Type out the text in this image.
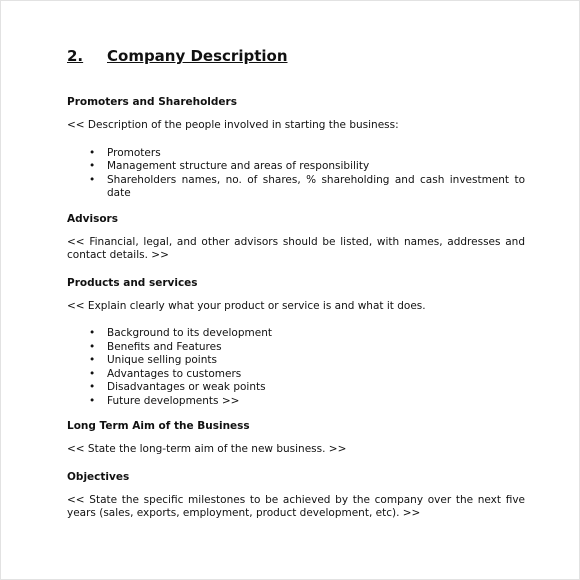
2.	Company Description
Promoters and Shareholders
<< Description of the people involved in starting the business:
• Promoters
• Management structure and areas of responsibility
• Shareholders names, no. of shares, % shareholding and cash investment to date
Advisors
<< Financial, legal, and other advisors should be listed, with names, addresses and contact details. >>
Products and services
<< Explain clearly what your product or service is and what it does.
• Background to its development
• Benefits and Features
• Unique selling points
• Advantages to customers
• Disadvantages or weak points
• Future developments >>
Long Term Aim of the Business
<< State the long-term aim of the new business. >>
Objectives
<< State the specific milestones to be achieved by the company over the next five years (sales, exports, employment, product development, etc). >>
